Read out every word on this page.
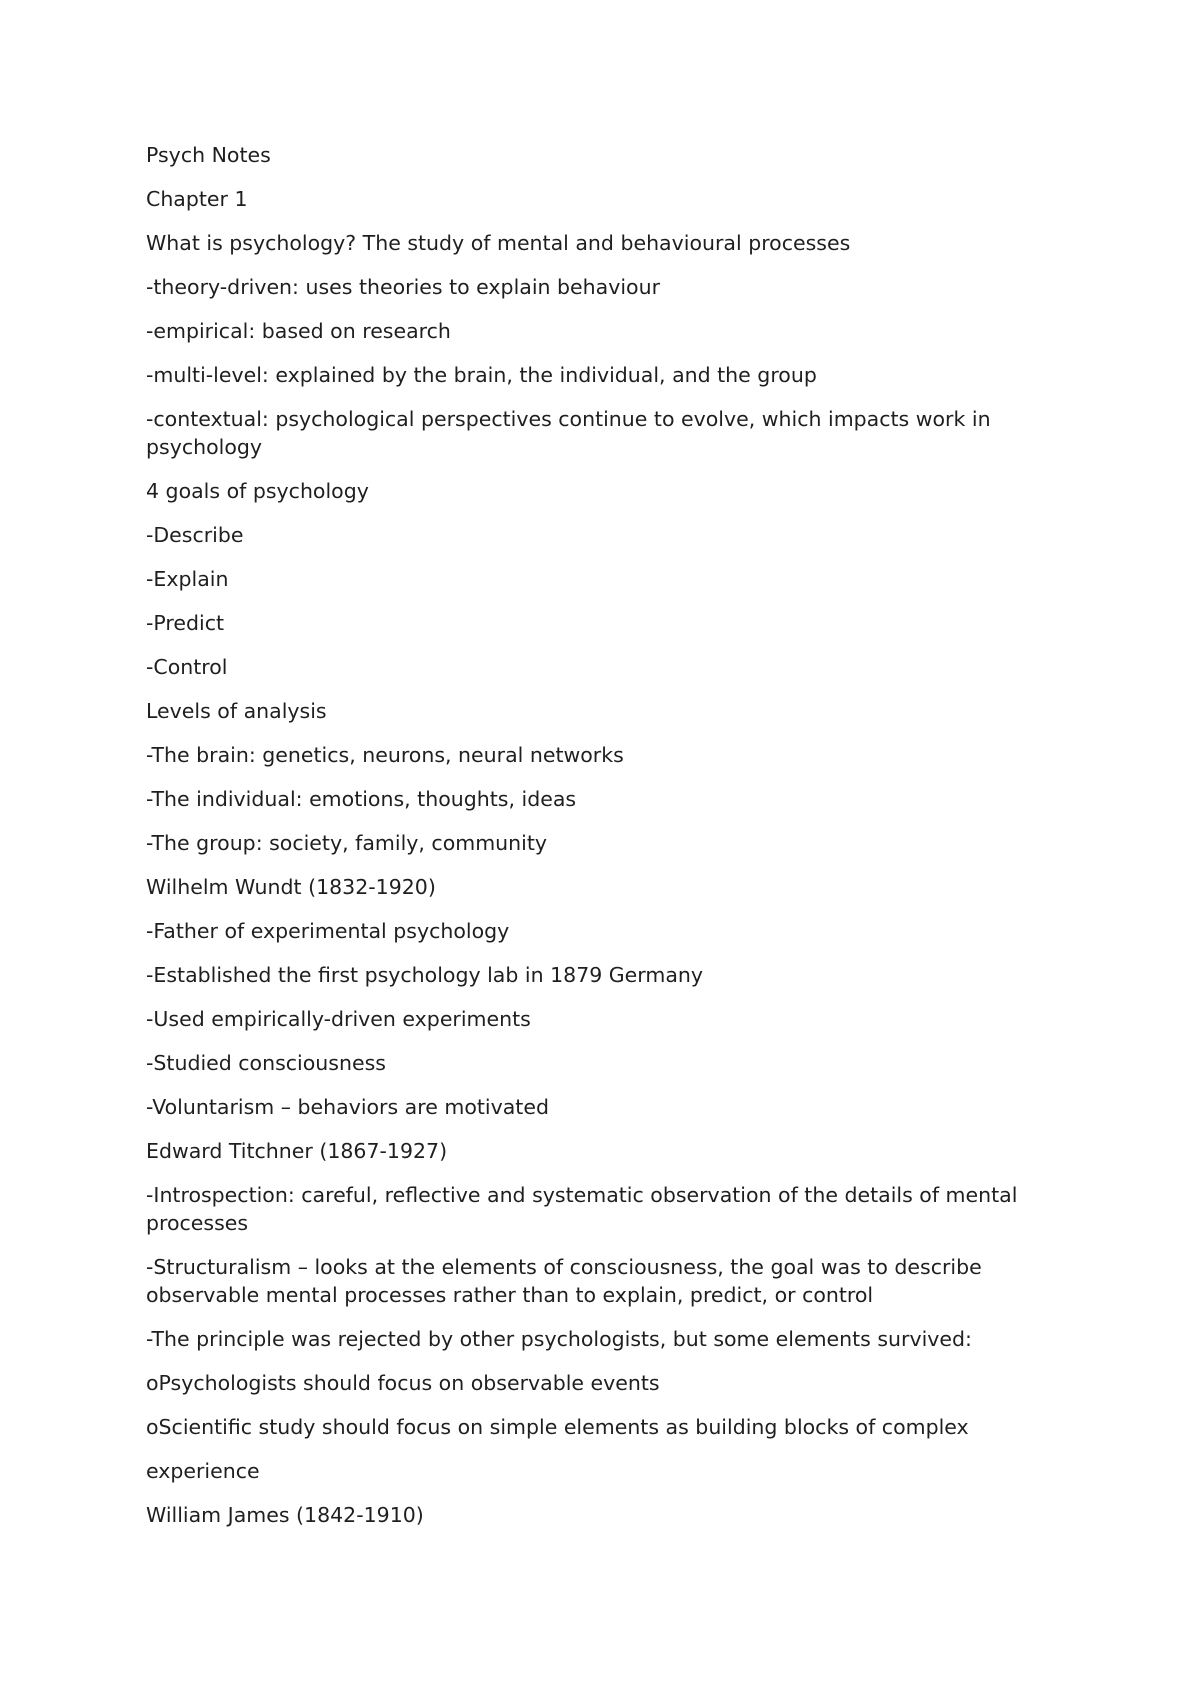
Psych Notes

Chapter 1

What is psychology? The study of mental and behavioural processes

-theory-driven: uses theories to explain behaviour

-empirical: based on research

-multi-level: explained by the brain, the individual, and the group

-contextual: psychological perspectives continue to evolve, which impacts work in psychology

4 goals of psychology

-Describe

-Explain

-Predict

-Control

Levels of analysis

-The brain: genetics, neurons, neural networks

-The individual: emotions, thoughts, ideas

-The group: society, family, community

Wilhelm Wundt (1832-1920)

-Father of experimental psychology

-Established the first psychology lab in 1879 Germany

-Used empirically-driven experiments

-Studied consciousness

-Voluntarism – behaviors are motivated

Edward Titchner (1867-1927)

-Introspection: careful, reflective and systematic observation of the details of mental processes

-Structuralism – looks at the elements of consciousness, the goal was to describe observable mental processes rather than to explain, predict, or control

-The principle was rejected by other psychologists, but some elements survived:

oPsychologists should focus on observable events

oScientific study should focus on simple elements as building blocks of complex

experience

William James (1842-1910)
